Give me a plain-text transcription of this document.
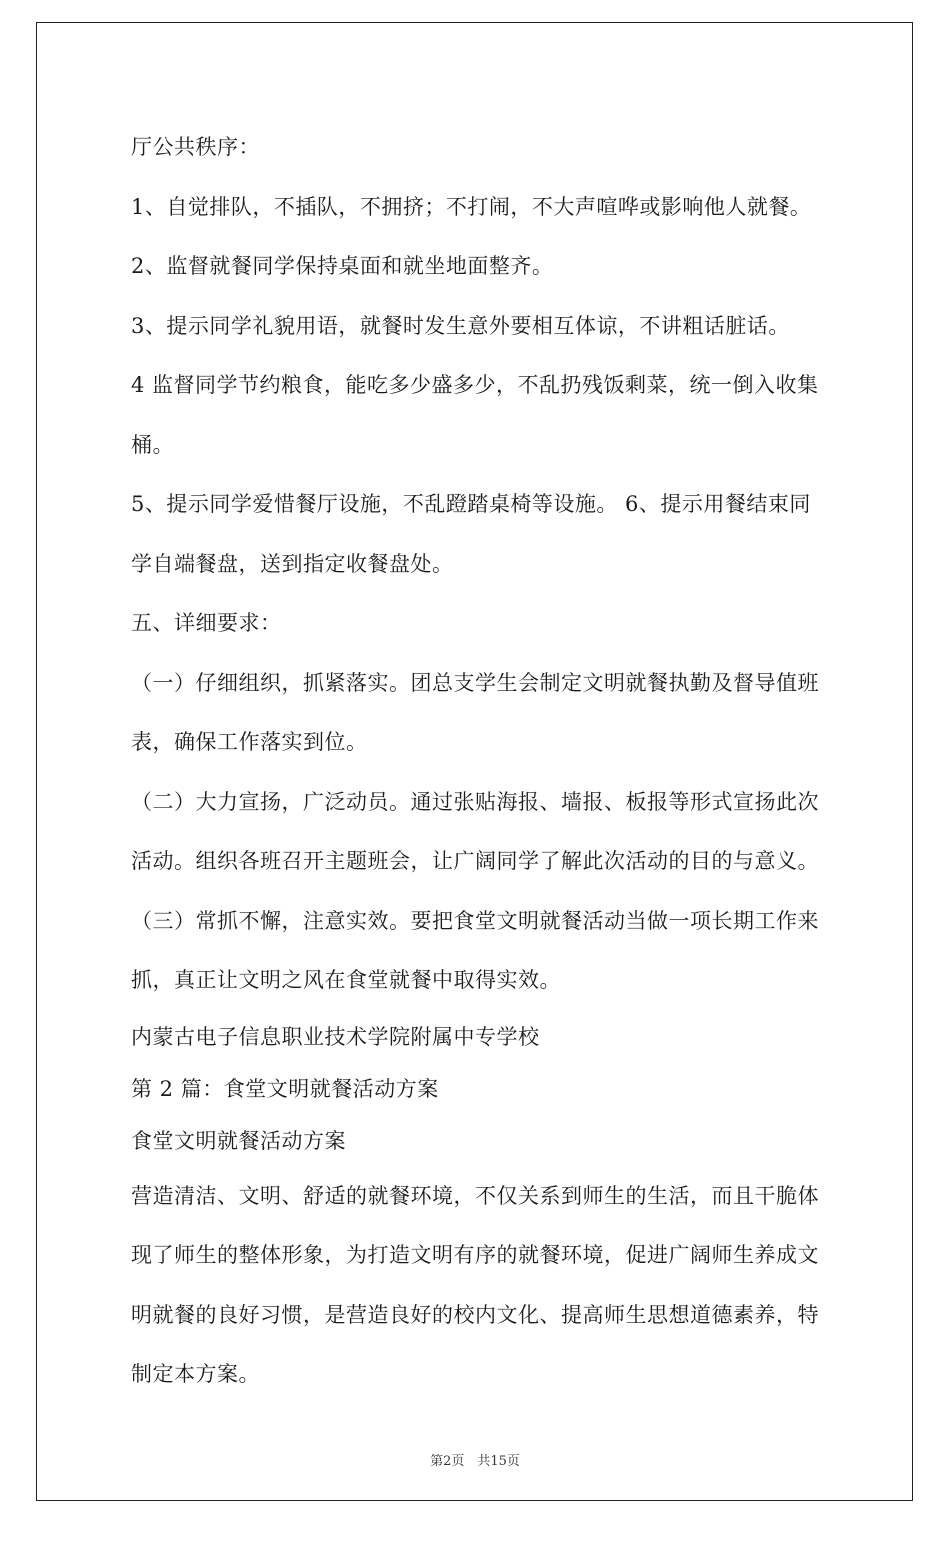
厅公共秩序：

1、自觉排队，不插队，不拥挤；不打闹，不大声喧哗或影响他人就餐。

2、监督就餐同学保持桌面和就坐地面整齐。

3、提示同学礼貌用语，就餐时发生意外要相互体谅，不讲粗话脏话。

4 监督同学节约粮食，能吃多少盛多少，不乱扔残饭剩菜，统一倒入收集桶。

5、提示同学爱惜餐厅设施，不乱蹬踏桌椅等设施。 6、提示用餐结束同学自端餐盘，送到指定收餐盘处。

五、详细要求：

（一）仔细组织，抓紧落实。团总支学生会制定文明就餐执勤及督导值班表，确保工作落实到位。

（二）大力宣扬，广泛动员。通过张贴海报、墙报、板报等形式宣扬此次活动。组织各班召开主题班会，让广阔同学了解此次活动的目的与意义。 （三）常抓不懈，注意实效。要把食堂文明就餐活动当做一项长期工作来抓，真正让文明之风在食堂就餐中取得实效。

内蒙古电子信息职业技术学院附属中专学校

第 2 篇：食堂文明就餐活动方案

食堂文明就餐活动方案

营造清洁、文明、舒适的就餐环境，不仅关系到师生的生活，而且干脆体现了师生的整体形象，为打造文明有序的就餐环境，促进广阔师生养成文明就餐的良好习惯，是营造良好的校内文化、提高师生思想道德素养，特制定本方案。

第2页　共15页
